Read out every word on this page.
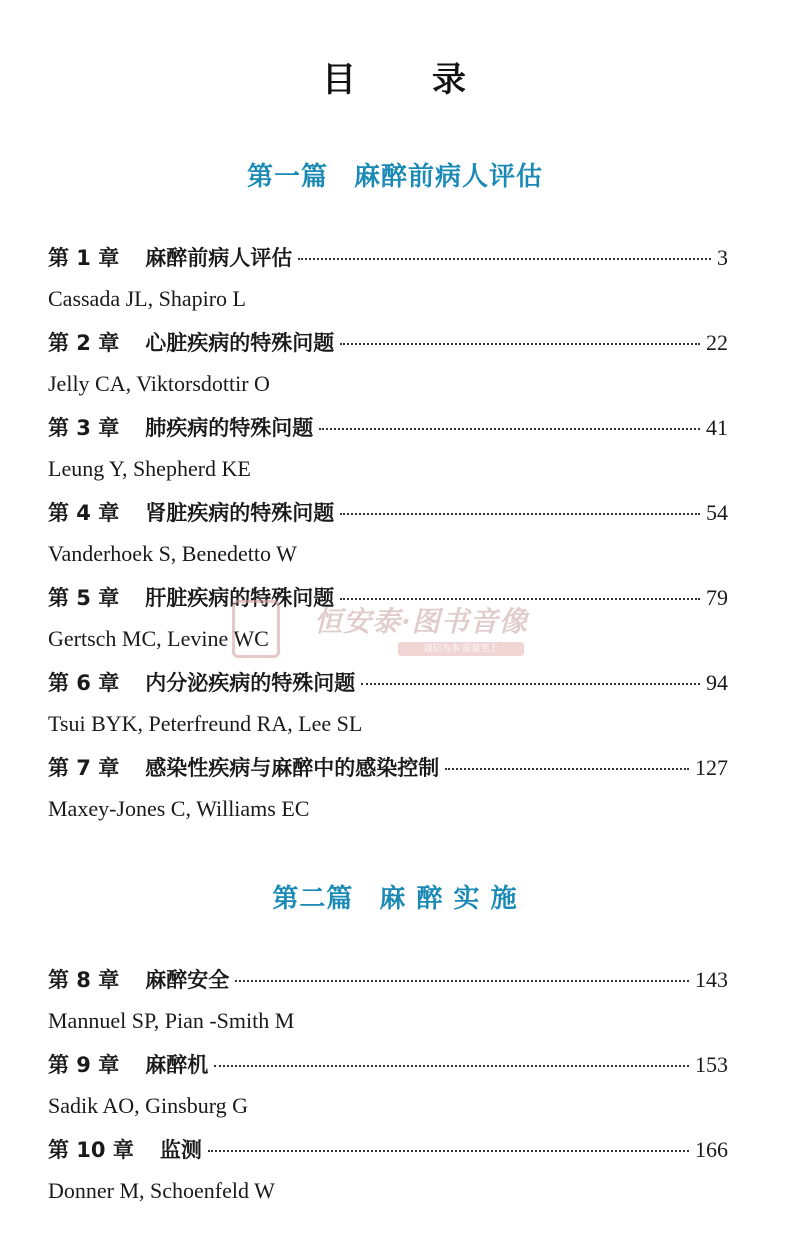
目 录
第一篇 麻醉前病人评估
第 1 章 麻醉前病人评估	3
Cassada JL, Shapiro L
第 2 章 心脏疾病的特殊问题	22
Jelly CA, Viktorsdottir O
第 3 章 肺疾病的特殊问题	41
Leung Y, Shepherd KE
第 4 章 肾脏疾病的特殊问题	54
Vanderhoek S, Benedetto W
第 5 章 肝脏疾病的特殊问题	79
Gertsch MC, Levine WC
第 6 章 内分泌疾病的特殊问题	94
Tsui BYK, Peterfreund RA, Lee SL
第 7 章 感染性疾病与麻醉中的感染控制	127
Maxey-Jones C, Williams EC
第二篇 麻 醉 实 施
第 8 章 麻醉安全	143
Mannuel SP, Pian -Smith M
第 9 章 麻醉机	153
Sadik AO, Ginsburg G
第 10 章 监测	166
Donner M, Schoenfeld W
恒安泰·图书音像
诚信为本 质量至上
